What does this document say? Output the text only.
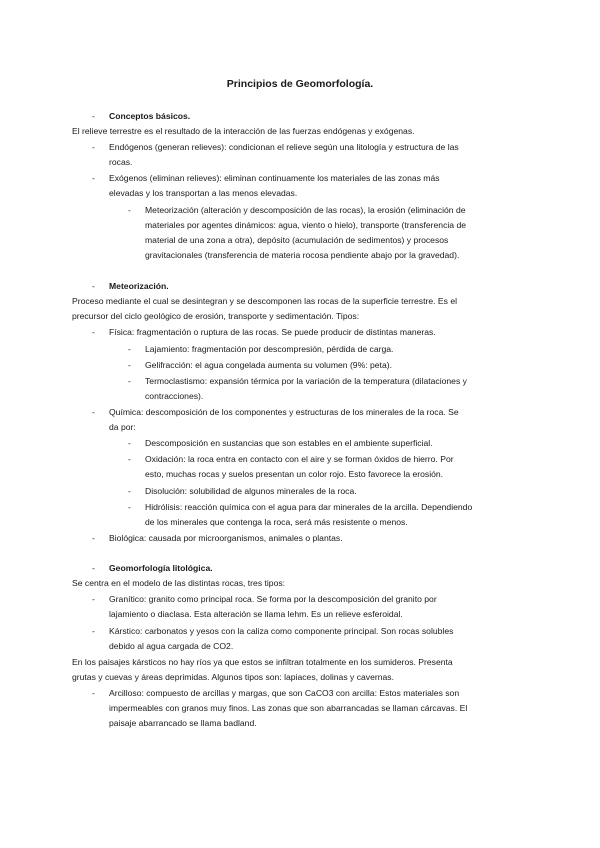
Principios de Geomorfología.
- Conceptos básicos.
El relieve terrestre es el resultado de la interacción de las fuerzas endógenas y exógenas.
- Endógenos (generan relieves): condicionan el relieve según una litología y estructura de las
rocas.
- Exógenos (eliminan relieves): eliminan continuamente los materiales de las zonas más
elevadas y los transportan a las menos elevadas.
- Meteorización (alteración y descomposición de las rocas), la erosión (eliminación de
materiales por agentes dinámicos: agua, viento o hielo), transporte (transferencia de
material de una zona a otra), depósito (acumulación de sedimentos) y procesos
gravitacionales (transferencia de materia rocosa pendiente abajo por la gravedad).
- Meteorización.
Proceso mediante el cual se desintegran y se descomponen las rocas de la superficie terrestre. Es el
precursor del ciclo geológico de erosión, transporte y sedimentación. Tipos:
- Física: fragmentación o ruptura de las rocas. Se puede producir de distintas maneras.
- Lajamiento: fragmentación por descompresión, pérdida de carga.
- Gelifracción: el agua congelada aumenta su volumen (9%: peta).
- Termoclastismo: expansión térmica por la variación de la temperatura (dilataciones y
contracciones).
- Química: descomposición de los componentes y estructuras de los minerales de la roca. Se
da por:
- Descomposición en sustancias que son estables en el ambiente superficial.
- Oxidación: la roca entra en contacto con el aire y se forman óxidos de hierro. Por
esto, muchas rocas y suelos presentan un color rojo. Esto favorece la erosión.
- Disolución: solubilidad de algunos minerales de la roca.
- Hidrólisis: reacción química con el agua para dar minerales de la arcilla. Dependiendo
de los minerales que contenga la roca, será más resistente o menos.
- Biológica: causada por microorganismos, animales o plantas.
- Geomorfología litológica.
Se centra en el modelo de las distintas rocas, tres tipos:
- Granítico: granito como principal roca. Se forma por la descomposición del granito por
lajamiento o diaclasa. Esta alteración se llama lehm. Es un relieve esferoidal.
- Kárstico: carbonatos y yesos con la caliza como componente principal. Son rocas solubles
debido al agua cargada de CO2.
En los paisajes kársticos no hay ríos ya que estos se infiltran totalmente en los sumideros. Presenta
grutas y cuevas y áreas deprimidas. Algunos tipos son: lapiaces, dolinas y cavernas.
- Arcilloso: compuesto de arcillas y margas, que son CaCO3 con arcilla: Estos materiales son
impermeables con granos muy finos. Las zonas que son abarrancadas se llaman cárcavas. El
paisaje abarrancado se llama badland.
